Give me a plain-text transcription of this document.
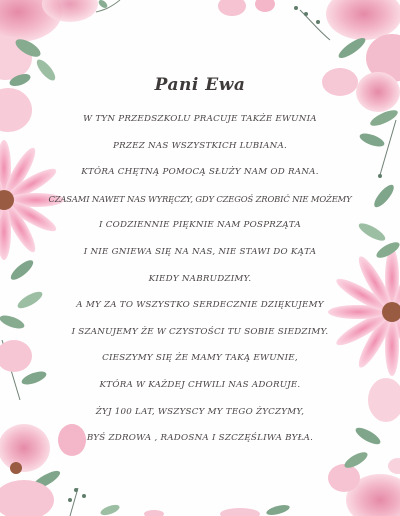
Pani Ewa
W TYN PRZEDSZKOLU PRACUJE TAKŻE EWUNIA
PRZEZ NAS WSZYSTKICH LUBIANA.
KTÓRA CHĘTNĄ POMOCĄ SŁUŻY NAM OD RANA.
CZASAMI NAWET NAS WYRĘCZY, GDY CZEGOŚ ZROBIĆ NIE MOŻEMY
I CODZIENNIE PIĘKNIE NAM POSPRZĄTA
I NIE GNIEWA SIĘ NA NAS, NIE STAWI DO KĄTA
KIEDY NABRUDZIMY.
A MY ZA TO WSZYSTKO SERDECZNIE DZIĘKUJEMY
I SZANUJEMY ŻE W CZYSTOŚCI TU SOBIE SIEDZIMY.
CIESZYMY SIĘ ŻE MAMY TAKĄ EWUNIE,
KTÓRA W KAŻDEJ CHWILI NAS ADORUJE.
ŻYJ 100 LAT, WSZYSCY MY TEGO ŻYCZYMY,
BYŚ ZDROWA , RADOSNA I SZCZĘŚLIWA BYŁA.
